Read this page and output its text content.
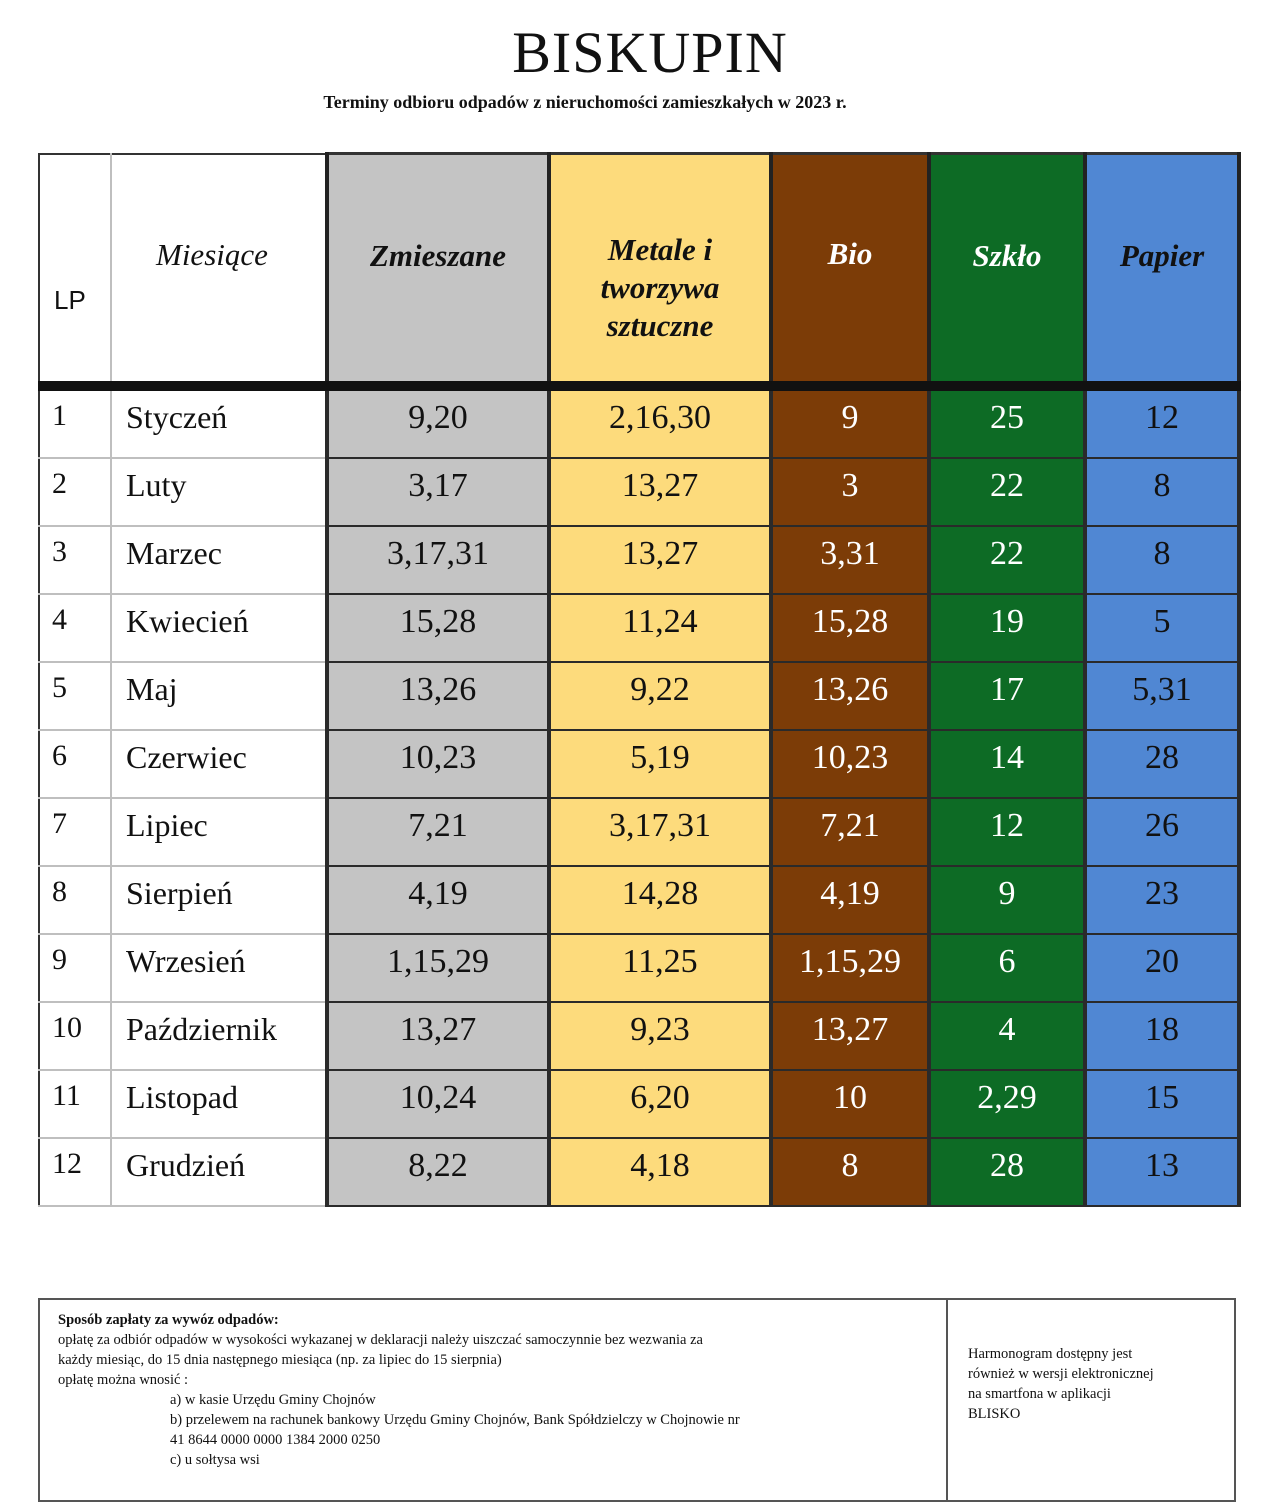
BISKUPIN
Terminy odbioru odpadów z nieruchomości zamieszkałych w 2023 r.
LP	Miesiące	Zmieszane	Metale i
tworzywa
sztuczne	Bio	Szkło	Papier

1	Styczeń	9,20	2,16,30	9	25	12

2	Luty	3,17	13,27	3	22	8

3	Marzec	3,17,31	13,27	3,31	22	8

4	Kwiecień	15,28	11,24	15,28	19	5

5	Maj	13,26	9,22	13,26	17	5,31

6	Czerwiec	10,23	5,19	10,23	14	28

7	Lipiec	7,21	3,17,31	7,21	12	26

8	Sierpień	4,19	14,28	4,19	9	23

9	Wrzesień	1,15,29	11,25	1,15,29	6	20

10	Październik	13,27	9,23	13,27	4	18

11	Listopad	10,24	6,20	10	2,29	15

12	Grudzień	8,22	4,18	8	28	13
Sposób zapłaty za wywóz odpadów:
opłatę za odbiór odpadów w wysokości wykazanej w deklaracji należy uiszczać samoczynnie bez wezwania za
każdy miesiąc, do 15 dnia następnego miesiąca (np. za lipiec do 15 sierpnia)
opłatę można wnosić :
a) w kasie Urzędu Gminy Chojnów
b) przelewem na rachunek bankowy Urzędu Gminy Chojnów, Bank Spółdzielczy w Chojnowie nr
41 8644 0000 0000 1384 2000 0250
c) u sołtysa wsi
Harmonogram dostępny jest
również w wersji elektronicznej
na smartfona w aplikacji
BLISKO
